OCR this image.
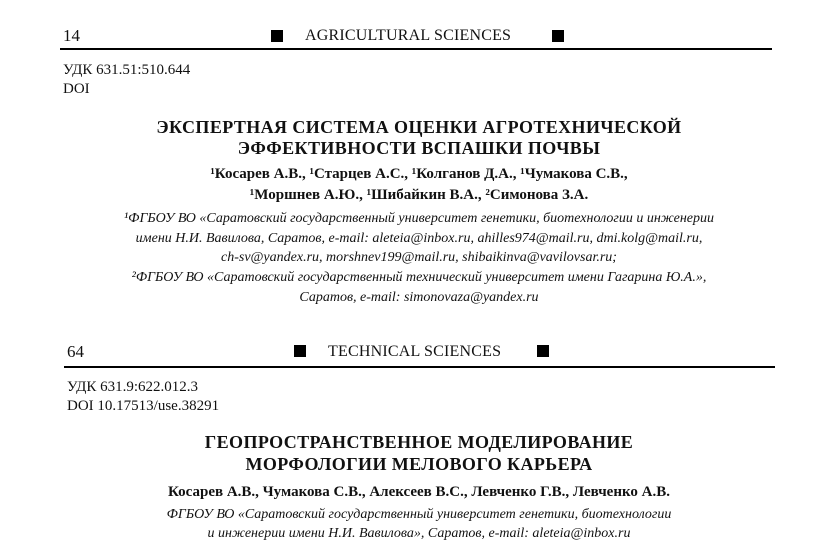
14	AGRICULTURAL SCIENCES
УДК 631.51:510.644
DOI
ЭКСПЕРТНАЯ СИСТЕМА ОЦЕНКИ АГРОТЕХНИЧЕСКОЙ
ЭФФЕКТИВНОСТИ ВСПАШКИ ПОЧВЫ
¹Косарев А.В., ¹Старцев А.С., ¹Колганов Д.А., ¹Чумакова С.В.,
¹Моршнев А.Ю., ¹Шибайкин В.А., ²Симонова З.А.
¹ФГБОУ ВО «Саратовский государственный университет генетики, биотехнологии и инженерии
имени Н.И. Вавилова, Саратов, e-mail: aleteia@inbox.ru, ahilles974@mail.ru, dmi.kolg@mail.ru,
ch-sv@yandex.ru, morshnev199@mail.ru, shibaikinva@vavilovsar.ru;
²ФГБОУ ВО «Саратовский государственный технический университет имени Гагарина Ю.А.»,
Саратов, e-mail: simonovaza@yandex.ru
64	TECHNICAL SCIENCES
УДК 631.9:622.012.3
DOI 10.17513/use.38291
ГЕОПРОСТРАНСТВЕННОЕ МОДЕЛИРОВАНИЕ
МОРФОЛОГИИ МЕЛОВОГО КАРЬЕРА
Косарев А.В., Чумакова С.В., Алексеев В.С., Левченко Г.В., Левченко А.В.
ФГБОУ ВО «Саратовский государственный университет генетики, биотехнологии
и инженерии имени Н.И. Вавилова», Саратов, e-mail: aleteia@inbox.ru
